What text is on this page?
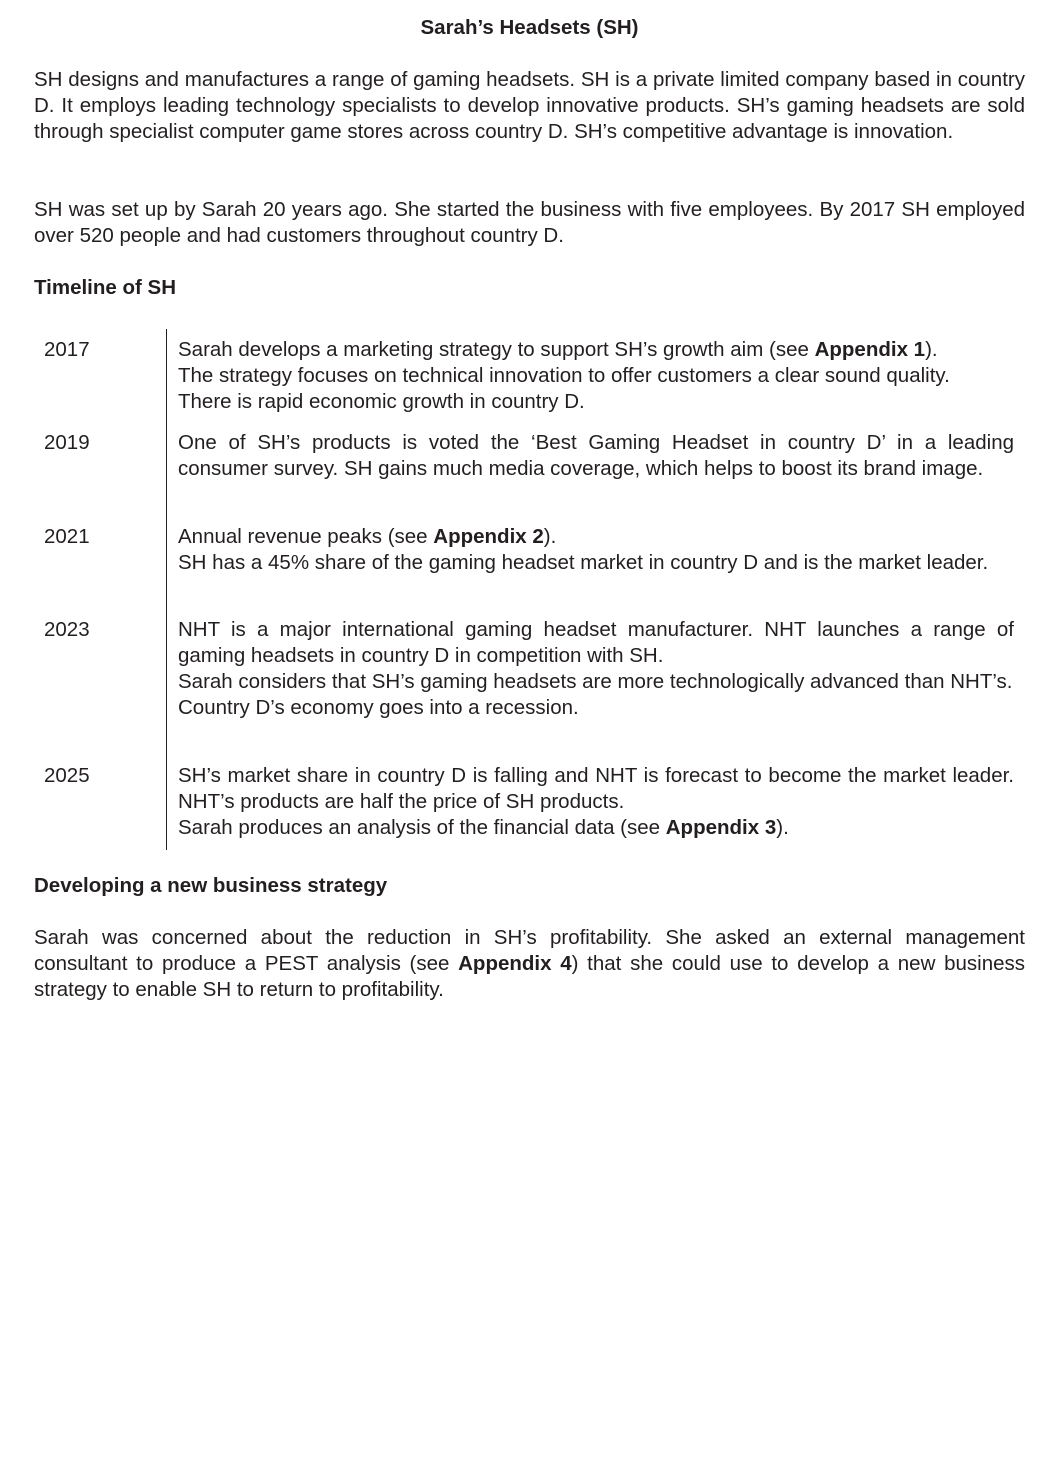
Sarah’s Headsets (SH)

SH designs and manufactures a range of gaming headsets. SH is a private limited company based in country D. It employs leading technology specialists to develop innovative products. SH’s gaming headsets are sold through specialist computer game stores across country D. SH’s competitive advantage is innovation.

SH was set up by Sarah 20 years ago. She started the business with five employees. By 2017 SH employed over 520 people and had customers throughout country D.

Timeline of SH

2017	Sarah develops a marketing strategy to support SH’s growth aim (see Appendix 1).
The strategy focuses on technical innovation to offer customers a clear sound quality.
There is rapid economic growth in country D.
2019	One of SH’s products is voted the ‘Best Gaming Headset in country D’ in a leading consumer survey. SH gains much media coverage, which helps to boost its brand image.
2021	Annual revenue peaks (see Appendix 2).
SH has a 45% share of the gaming headset market in country D and is the market leader.
2023	NHT is a major international gaming headset manufacturer. NHT launches a range of gaming headsets in country D in competition with SH.
Sarah considers that SH’s gaming headsets are more technologically advanced than NHT’s.
Country D’s economy goes into a recession.
2025	SH’s market share in country D is falling and NHT is forecast to become the market leader. NHT’s products are half the price of SH products.
Sarah produces an analysis of the financial data (see Appendix 3).

Developing a new business strategy

Sarah was concerned about the reduction in SH’s profitability. She asked an external management consultant to produce a PEST analysis (see Appendix 4) that she could use to develop a new business strategy to enable SH to return to profitability.
